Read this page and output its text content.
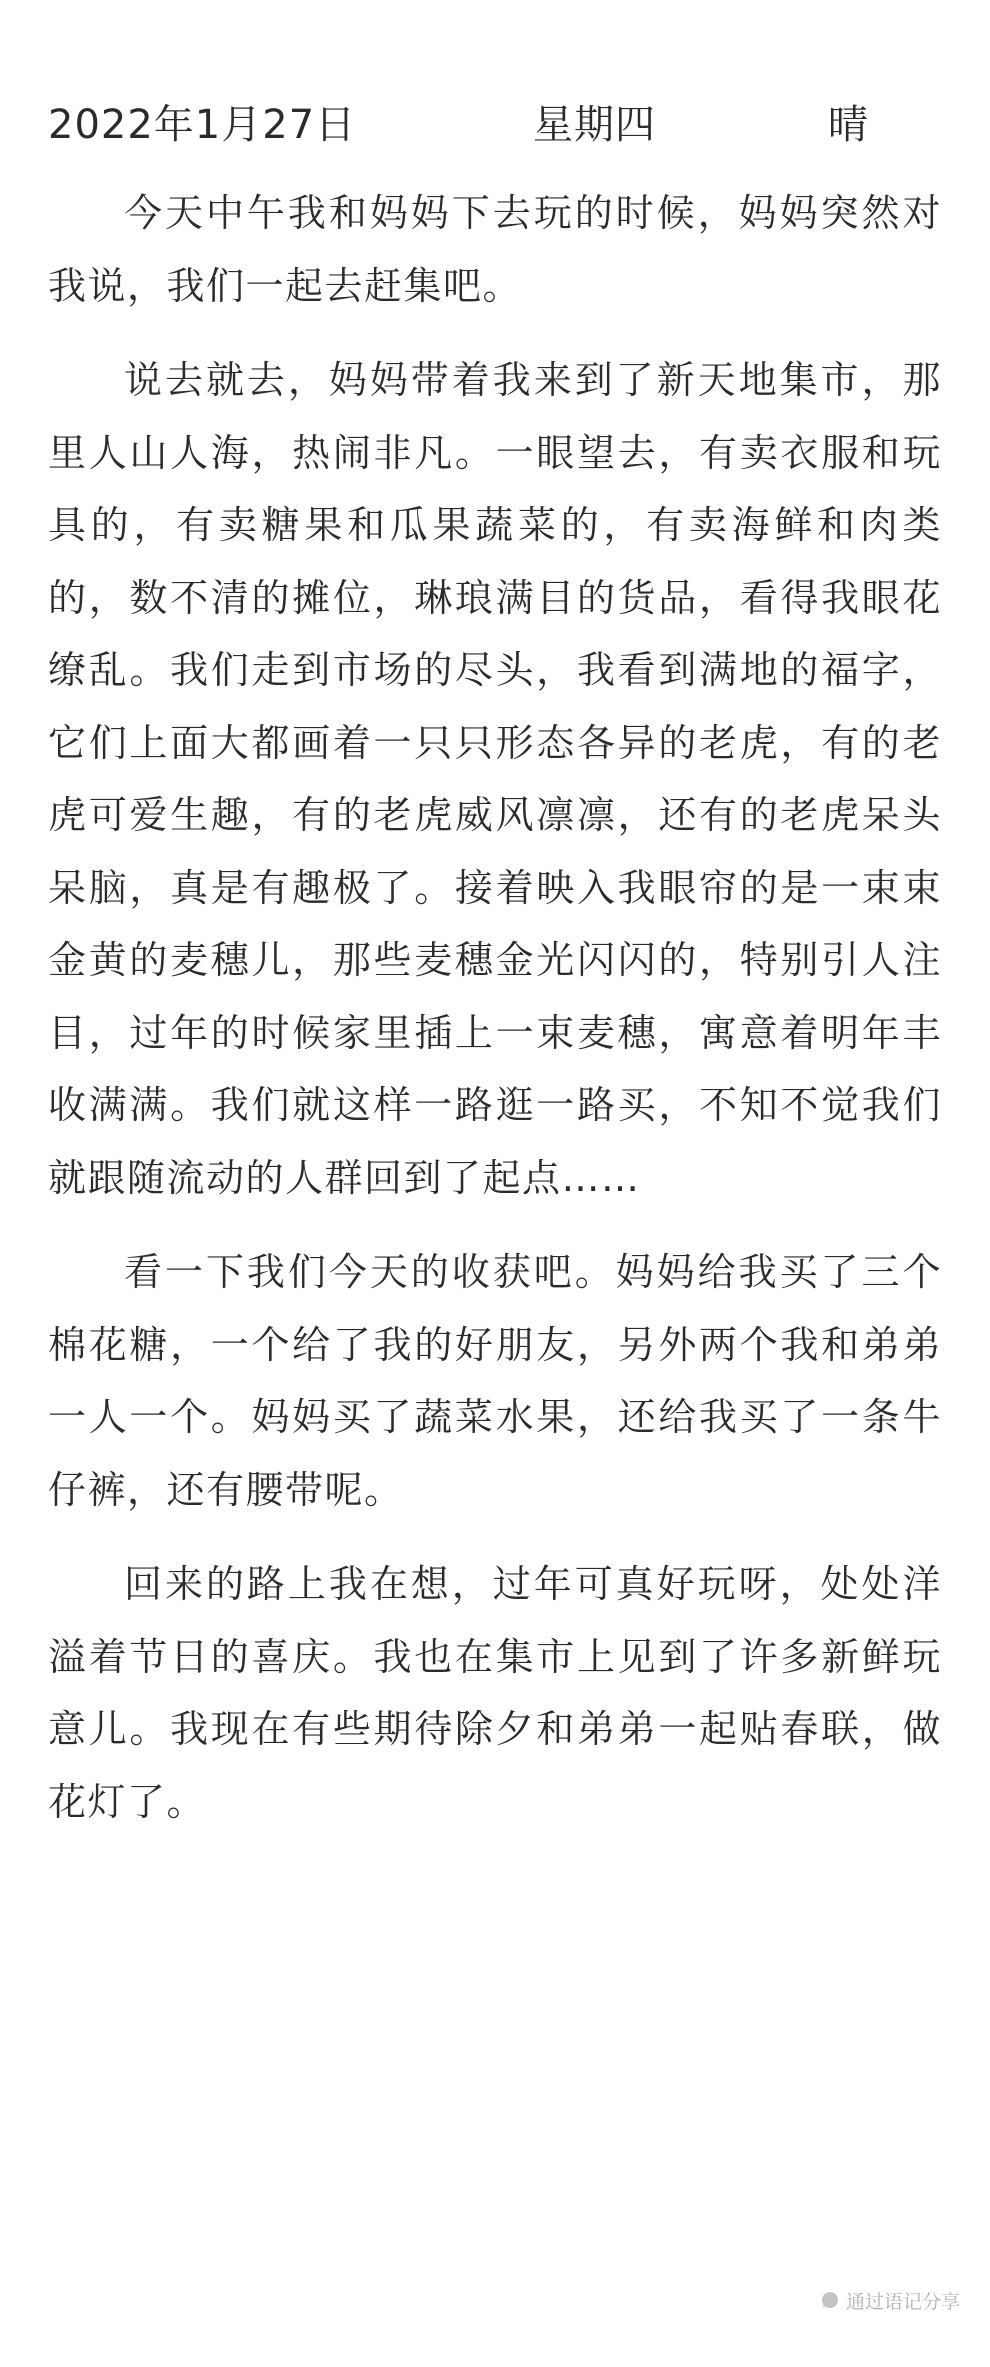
2022年1月27日	星期四	晴

今天中午我和妈妈下去玩的时候，妈妈突然对我说，我们一起去赶集吧。

说去就去，妈妈带着我来到了新天地集市，那里人山人海，热闹非凡。一眼望去，有卖衣服和玩具的，有卖糖果和瓜果蔬菜的，有卖海鲜和肉类的，数不清的摊位，琳琅满目的货品，看得我眼花缭乱。我们走到市场的尽头，我看到满地的福字，它们上面大都画着一只只形态各异的老虎，有的老虎可爱生趣，有的老虎威风凛凛，还有的老虎呆头呆脑，真是有趣极了。接着映入我眼帘的是一束束金黄的麦穗儿，那些麦穗金光闪闪的，特别引人注目，过年的时候家里插上一束麦穗，寓意着明年丰收满满。我们就这样一路逛一路买，不知不觉我们就跟随流动的人群回到了起点……

看一下我们今天的收获吧。妈妈给我买了三个棉花糖，一个给了我的好朋友，另外两个我和弟弟一人一个。妈妈买了蔬菜水果，还给我买了一条牛仔裤，还有腰带呢。

回来的路上我在想，过年可真好玩呀，处处洋溢着节日的喜庆。我也在集市上见到了许多新鲜玩意儿。我现在有些期待除夕和弟弟一起贴春联，做花灯了。

通过语记分享
